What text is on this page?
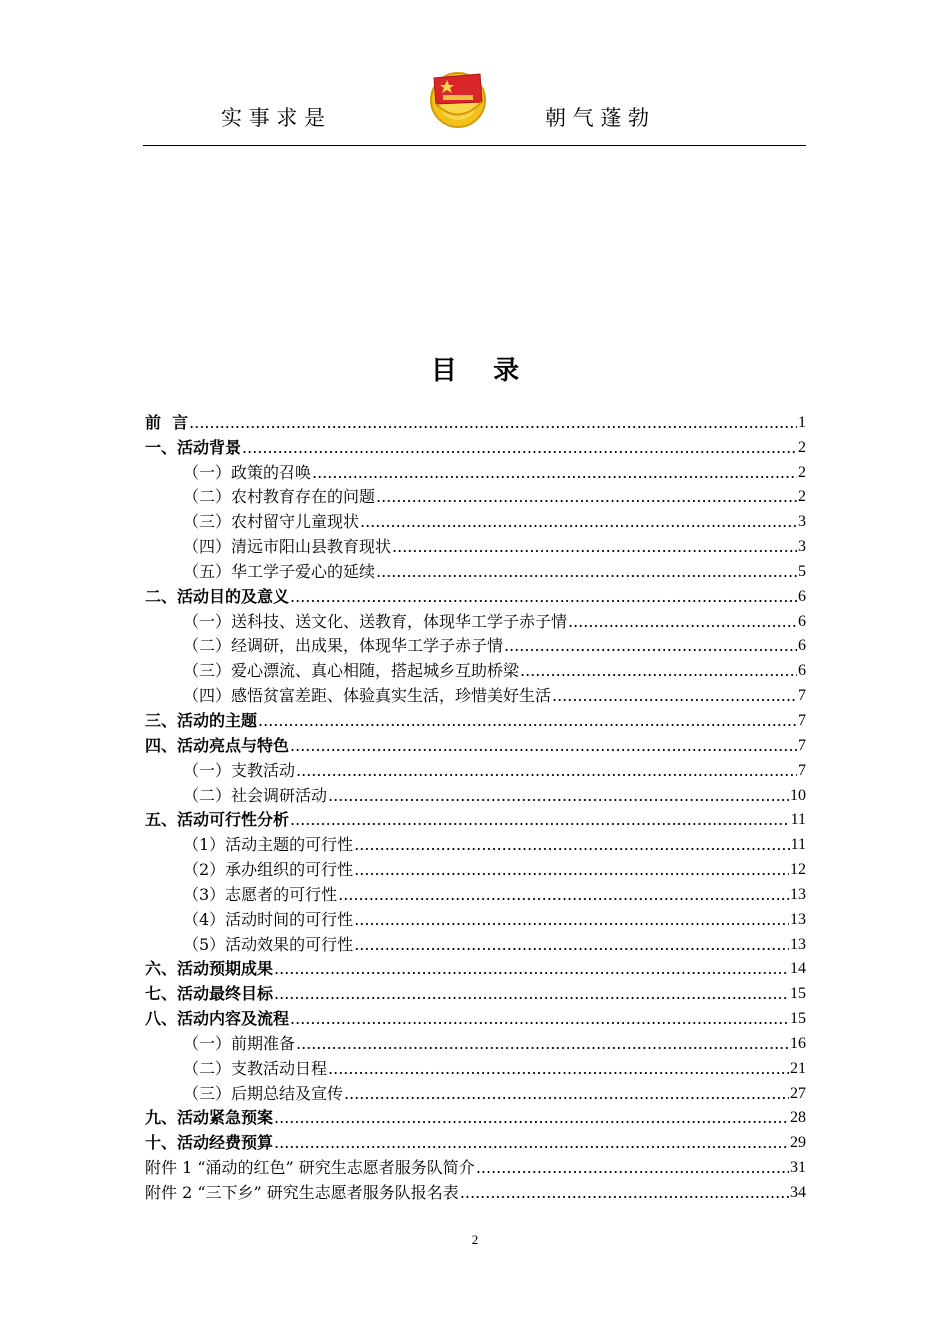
实 事 求 是	朝 气 蓬 勃
目    录
前  言 .....	1
一、活动背景 .....	2
（一）政策的召唤 .....	2
（二）农村教育存在的问题 .....	2
（三）农村留守儿童现状 .....	3
（四）清远市阳山县教育现状 .....	3
（五）华工学子爱心的延续 .....	5
二、活动目的及意义 .....	6
（一）送科技、送文化、送教育，体现华工学子赤子情 .....	6
（二）经调研，出成果，体现华工学子赤子情 .....	6
（三）爱心漂流、真心相随，搭起城乡互助桥梁 .....	6
（四）感悟贫富差距、体验真实生活，珍惜美好生活 .....	7
三、活动的主题 .....	7
四、活动亮点与特色 .....	7
（一）支教活动 .....	7
（二）社会调研活动 .....	10
五、活动可行性分析 .....	11
（1）活动主题的可行性 .....	11
（2）承办组织的可行性 .....	12
（3）志愿者的可行性 .....	13
（4）活动时间的可行性 .....	13
（5）活动效果的可行性 .....	13
六、活动预期成果 .....	14
七、活动最终目标 .....	15
八、活动内容及流程 .....	15
（一）前期准备 .....	16
（二）支教活动日程 .....	21
（三）后期总结及宣传 .....	27
九、活动紧急预案 .....	28
十、活动经费预算 .....	29
附件 1 “涌动的红色” 研究生志愿者服务队简介 .....	31
附件 2 “三下乡” 研究生志愿者服务队报名表 .....	34
2
